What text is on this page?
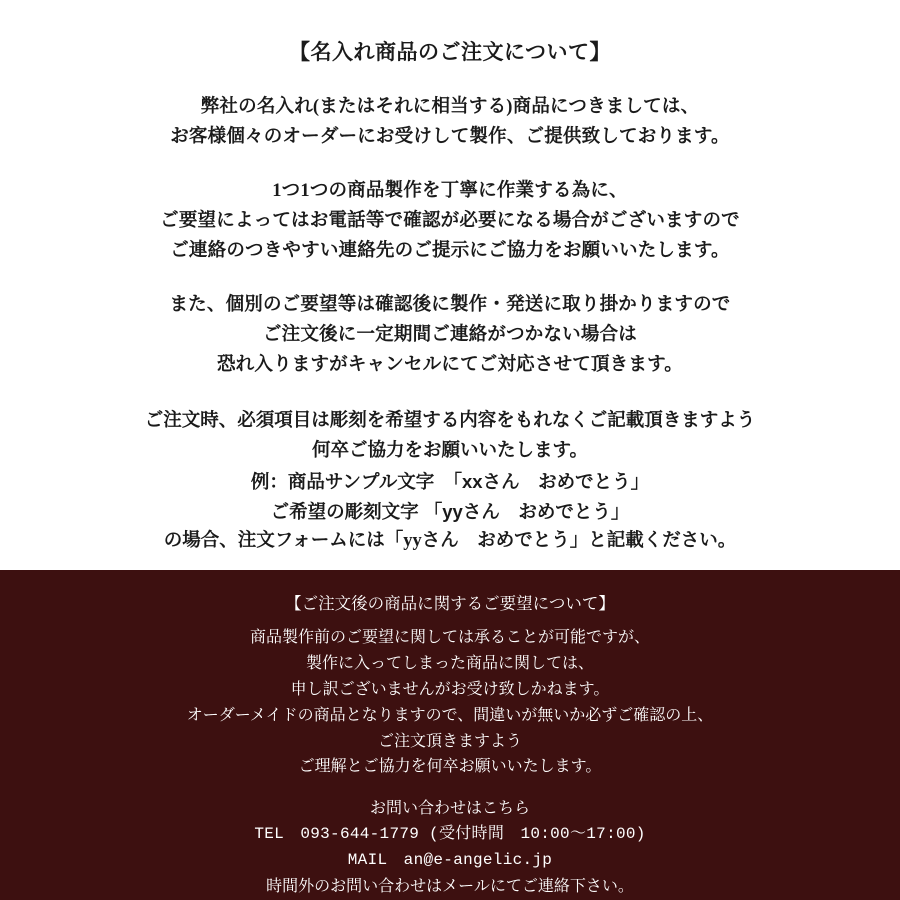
【名入れ商品のご注文について】
弊社の名入れ(またはそれに相当する)商品につきましては、
お客様個々のオーダーにお受けして製作、ご提供致しております。
1つ1つの商品製作を丁寧に作業する為に、
ご要望によってはお電話等で確認が必要になる場合がございますので
ご連絡のつきやすい連絡先のご提示にご協力をお願いいたします。
また、個別のご要望等は確認後に製作・発送に取り掛かりますので
ご注文後に一定期間ご連絡がつかない場合は
恐れ入りますがキャンセルにてご対応させて頂きます。
ご注文時、必須項目は彫刻を希望する内容をもれなくご記載頂きますよう
何卒ご協力をお願いいたします。
例：商品サンプル文字　「xxさん　おめでとう」
ご希望の彫刻文字 「yyさん　おめでとう」
の場合、注文フォームには「yyさん　おめでとう」と記載ください。
【ご注文後の商品に関するご要望について】
商品製作前のご要望に関しては承ることが可能ですが、
製作に入ってしまった商品に関しては、
申し訳ございませんがお受け致しかねます。
オーダーメイドの商品となりますので、間違いが無いか必ずご確認の上、
ご注文頂きますよう
ご理解とご協力を何卒お願いいたします。
お問い合わせはこちら
TEL　093-644-1779 (受付時間　10:00〜17:00)
MAIL　an@e-angelic.jp
時間外のお問い合わせはメールにてご連絡下さい。
